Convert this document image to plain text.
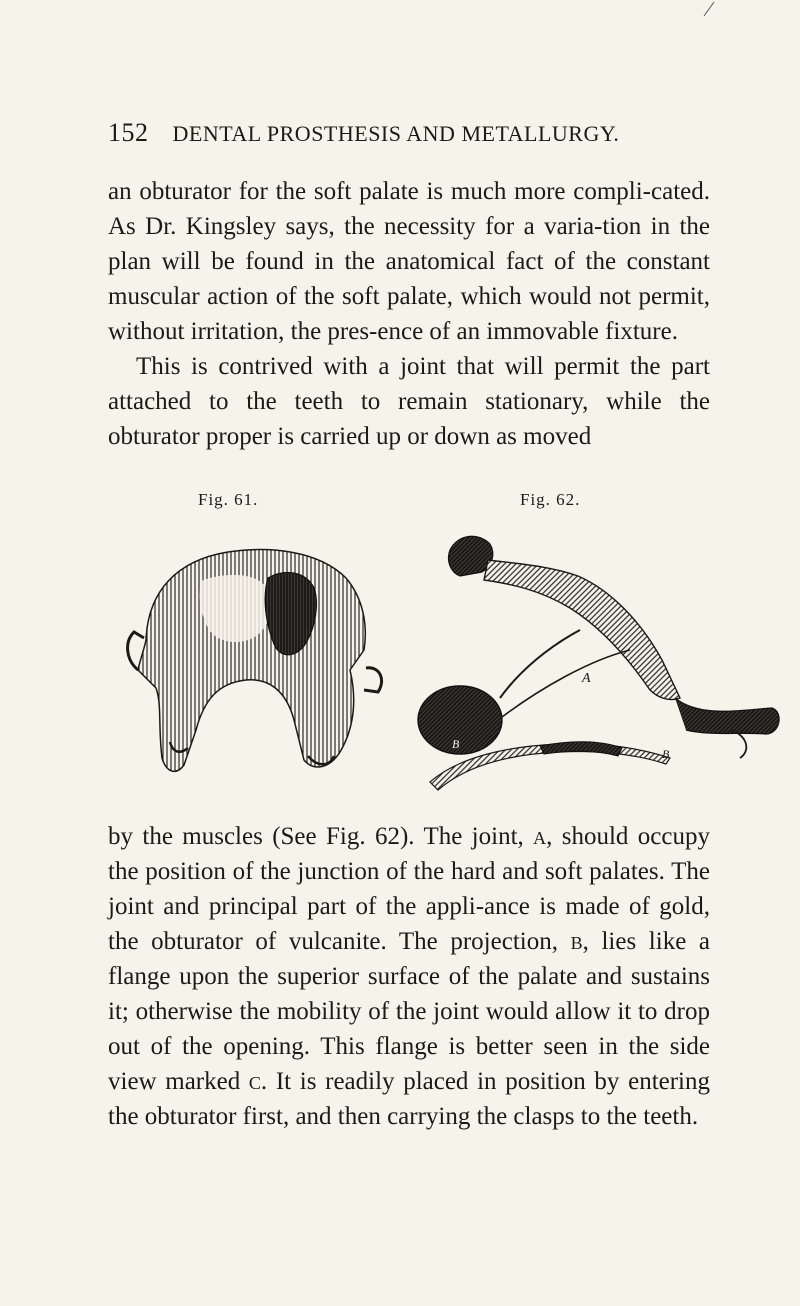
152 DENTAL PROSTHESIS AND METALLURGY.

an obturator for the soft palate is much more compli-cated. As Dr. Kingsley says, the necessity for a varia-tion in the plan will be found in the anatomical fact of the constant muscular action of the soft palate, which would not permit, without irritation, the pres-ence of an immovable fixture.

This is contrived with a joint that will permit the part attached to the teeth to remain stationary, while the obturator proper is carried up or down as moved

Fig. 61.	Fig. 62.
A
B
B

by the muscles (See Fig. 62). The joint, a, should occupy the position of the junction of the hard and soft palates. The joint and principal part of the appli-ance is made of gold, the obturator of vulcanite. The projection, b, lies like a flange upon the superior surface of the palate and sustains it; otherwise the mobility of the joint would allow it to drop out of the opening. This flange is better seen in the side view marked c. It is readily placed in position by entering the obturator first, and then carrying the clasps to the teeth.
